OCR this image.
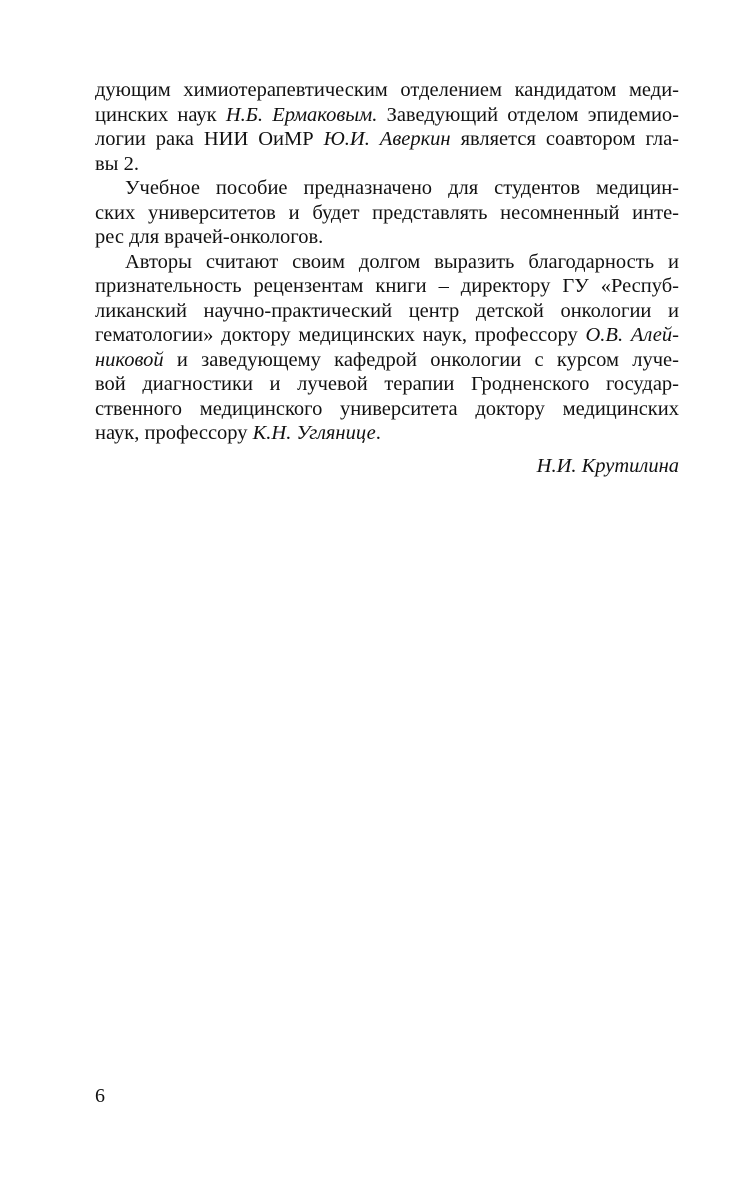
дующим химиотерапевтическим отделением кандидатом меди-
цинских наук Н.Б. Ермаковым. Заведующий отделом эпидемио-
логии рака НИИ ОиМР Ю.И. Аверкин является соавтором гла-
вы 2.
Учебное пособие предназначено для студентов медицин-
ских университетов и будет представлять несомненный инте-
рес для врачей-онкологов.
Авторы считают своим долгом выразить благодарность и
признательность рецензентам книги – директору ГУ «Респуб-
ликанский научно-практический центр детской онкологии и
гематологии» доктору медицинских наук, профессору О.В. Алей-
никовой и заведующему кафедрой онкологии с курсом луче-
вой диагностики и лучевой терапии Гродненского государ-
ственного медицинского университета доктору медицинских
наук, профессору К.Н. Углянице.
Н.И. Крутилина
6
